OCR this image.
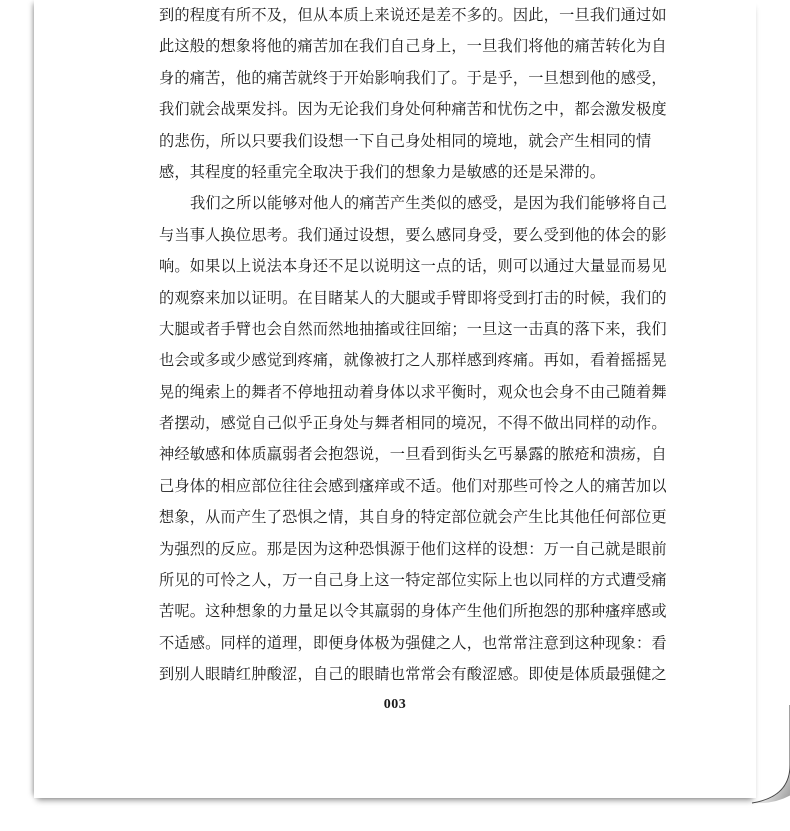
到的程度有所不及，但从本质上来说还是差不多的。因此，一旦我们通过如
此这般的想象将他的痛苦加在我们自己身上，一旦我们将他的痛苦转化为自
身的痛苦，他的痛苦就终于开始影响我们了。于是乎，一旦想到他的感受，
我们就会战栗发抖。因为无论我们身处何种痛苦和忧伤之中，都会激发极度
的悲伤，所以只要我们设想一下自己身处相同的境地，就会产生相同的情
感，其程度的轻重完全取决于我们的想象力是敏感的还是呆滞的。
我们之所以能够对他人的痛苦产生类似的感受，是因为我们能够将自己
与当事人换位思考。我们通过设想，要么感同身受，要么受到他的体会的影
响。如果以上说法本身还不足以说明这一点的话，则可以通过大量显而易见
的观察来加以证明。在目睹某人的大腿或手臂即将受到打击的时候，我们的
大腿或者手臂也会自然而然地抽搐或往回缩；一旦这一击真的落下来，我们
也会或多或少感觉到疼痛，就像被打之人那样感到疼痛。再如，看着摇摇晃
晃的绳索上的舞者不停地扭动着身体以求平衡时，观众也会身不由己随着舞
者摆动，感觉自己似乎正身处与舞者相同的境况，不得不做出同样的动作。
神经敏感和体质羸弱者会抱怨说，一旦看到街头乞丐暴露的脓疮和溃疡，自
己身体的相应部位往往会感到瘙痒或不适。他们对那些可怜之人的痛苦加以
想象，从而产生了恐惧之情，其自身的特定部位就会产生比其他任何部位更
为强烈的反应。那是因为这种恐惧源于他们这样的设想：万一自己就是眼前
所见的可怜之人，万一自己身上这一特定部位实际上也以同样的方式遭受痛
苦呢。这种想象的力量足以令其羸弱的身体产生他们所抱怨的那种瘙痒感或
不适感。同样的道理，即便身体极为强健之人，也常常注意到这种现象：看
到别人眼睛红肿酸涩，自己的眼睛也常常会有酸涩感。即使是体质最强健之
003
